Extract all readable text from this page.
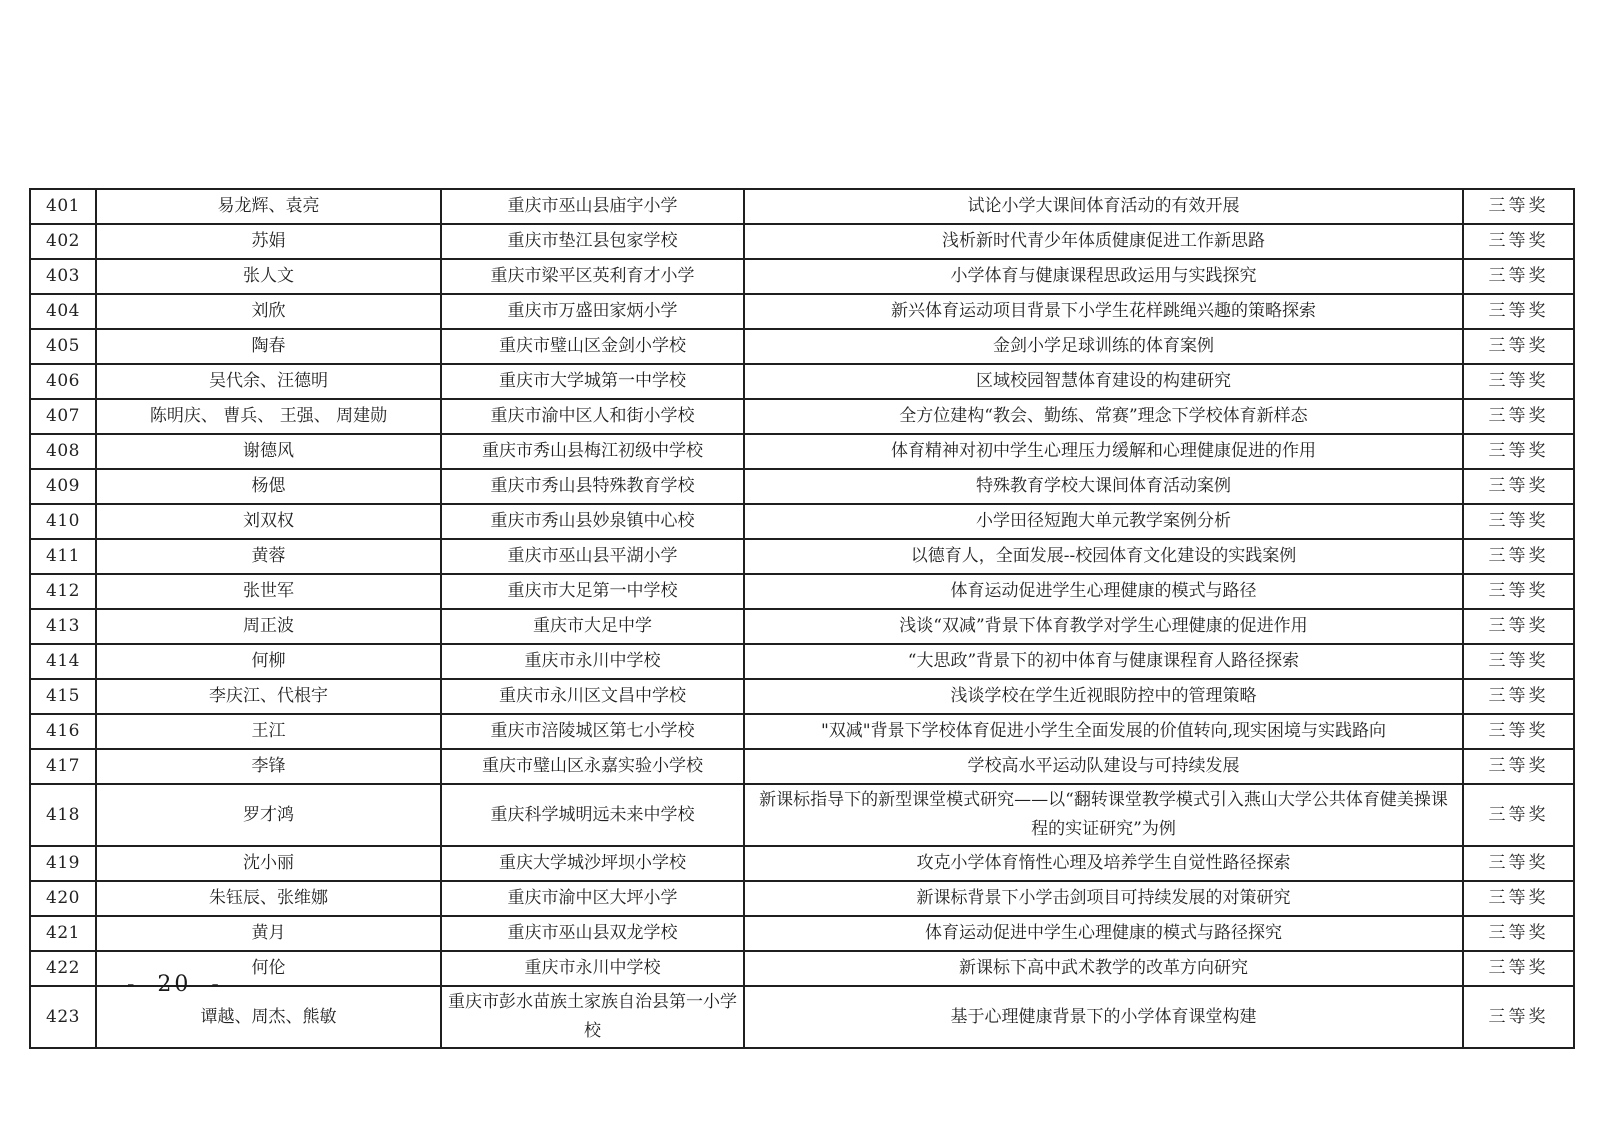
401	易龙辉、袁亮	重庆市巫山县庙宇小学	试论小学大课间体育活动的有效开展	三等奖
402	苏娟	重庆市垫江县包家学校	浅析新时代青少年体质健康促进工作新思路	三等奖
403	张人文	重庆市梁平区英利育才小学	小学体育与健康课程思政运用与实践探究	三等奖
404	刘欣	重庆市万盛田家炳小学	新兴体育运动项目背景下小学生花样跳绳兴趣的策略探索	三等奖
405	陶春	重庆市璧山区金剑小学校	金剑小学足球训练的体育案例	三等奖
406	吴代余、汪德明	重庆市大学城第一中学校	区域校园智慧体育建设的构建研究	三等奖
407	陈明庆、 曹兵、 王强、 周建勋	重庆市渝中区人和街小学校	全方位建构“教会、勤练、常赛”理念下学校体育新样态	三等奖
408	谢德风	重庆市秀山县梅江初级中学校	体育精神对初中学生心理压力缓解和心理健康促进的作用	三等奖
409	杨偲	重庆市秀山县特殊教育学校	特殊教育学校大课间体育活动案例	三等奖
410	刘双权	重庆市秀山县妙泉镇中心校	小学田径短跑大单元教学案例分析	三等奖
411	黄蓉	重庆市巫山县平湖小学	以德育人，全面发展--校园体育文化建设的实践案例	三等奖
412	张世军	重庆市大足第一中学校	体育运动促进学生心理健康的模式与路径	三等奖
413	周正波	重庆市大足中学	浅谈“双减”背景下体育教学对学生心理健康的促进作用	三等奖
414	何柳	重庆市永川中学校	“大思政”背景下的初中体育与健康课程育人路径探索	三等奖
415	李庆江、代根宇	重庆市永川区文昌中学校	浅谈学校在学生近视眼防控中的管理策略	三等奖
416	王江	重庆市涪陵城区第七小学校	"双减"背景下学校体育促进小学生全面发展的价值转向,现实困境与实践路向	三等奖
417	李锋	重庆市璧山区永嘉实验小学校	学校高水平运动队建设与可持续发展	三等奖
418	罗才鸿	重庆科学城明远未来中学校	新课标指导下的新型课堂模式研究——以“翻转课堂教学模式引入燕山大学公共体育健美操课程的实证研究”为例	三等奖
419	沈小丽	重庆大学城沙坪坝小学校	攻克小学体育惰性心理及培养学生自觉性路径探索	三等奖
420	朱钰辰、张维娜	重庆市渝中区大坪小学	新课标背景下小学击剑项目可持续发展的对策研究	三等奖
421	黄月	重庆市巫山县双龙学校	体育运动促进中学生心理健康的模式与路径探究	三等奖
422	何伦	重庆市永川中学校	新课标下高中武术教学的改革方向研究	三等奖
423	谭越、周杰、熊敏	重庆市彭水苗族土家族自治县第一小学校	基于心理健康背景下的小学体育课堂构建	三等奖
- 20 -
